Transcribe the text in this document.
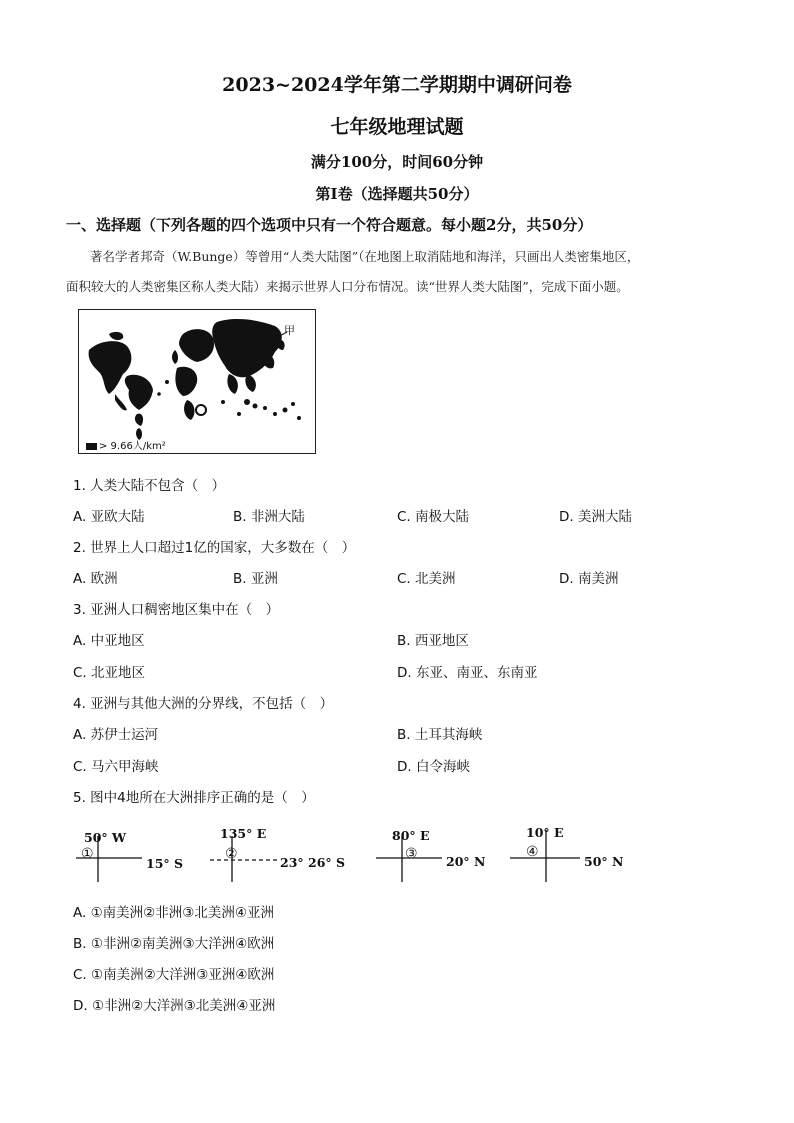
2023~2024学年第二学期期中调研问卷
七年级地理试题
满分100分，时间60分钟
第Ⅰ卷（选择题共50分）
一、选择题（下列各题的四个选项中只有一个符合题意。每小题2分，共50分）
著名学者邦奇（W.Bunge）等曾用“人类大陆图”（在地图上取消陆地和海洋，只画出人类密集地区，
面积较大的人类密集区称人类大陆）来揭示世界人口分布情况。读“世界人类大陆图”，完成下面小题。
甲
> 9.66人/km²
1. 人类大陆不包含（　）
A. 亚欧大陆	B. 非洲大陆	C. 南极大陆	D. 美洲大陆
2. 世界上人口超过1亿的国家，大多数在（　）
A. 欧洲	B. 亚洲	C. 北美洲	D. 南美洲
3. 亚洲人口稠密地区集中在（　）
A. 中亚地区	B. 西亚地区
C. 北亚地区	D. 东亚、南亚、东南亚
4. 亚洲与其他大洲的分界线，不包括（　）
A. 苏伊士运河	B. 土耳其海峡
C. 马六甲海峡	D. 白令海峡
5. 图中4地所在大洲排序正确的是（　）
50° W
①
15° S
135° E
②
23° 26° S
80° E
③ 20° N
10° E
④
50° N
A. ①南美洲②非洲③北美洲④亚洲
B. ①非洲②南美洲③大洋洲④欧洲
C. ①南美洲②大洋洲③亚洲④欧洲
D. ①非洲②大洋洲③北美洲④亚洲
